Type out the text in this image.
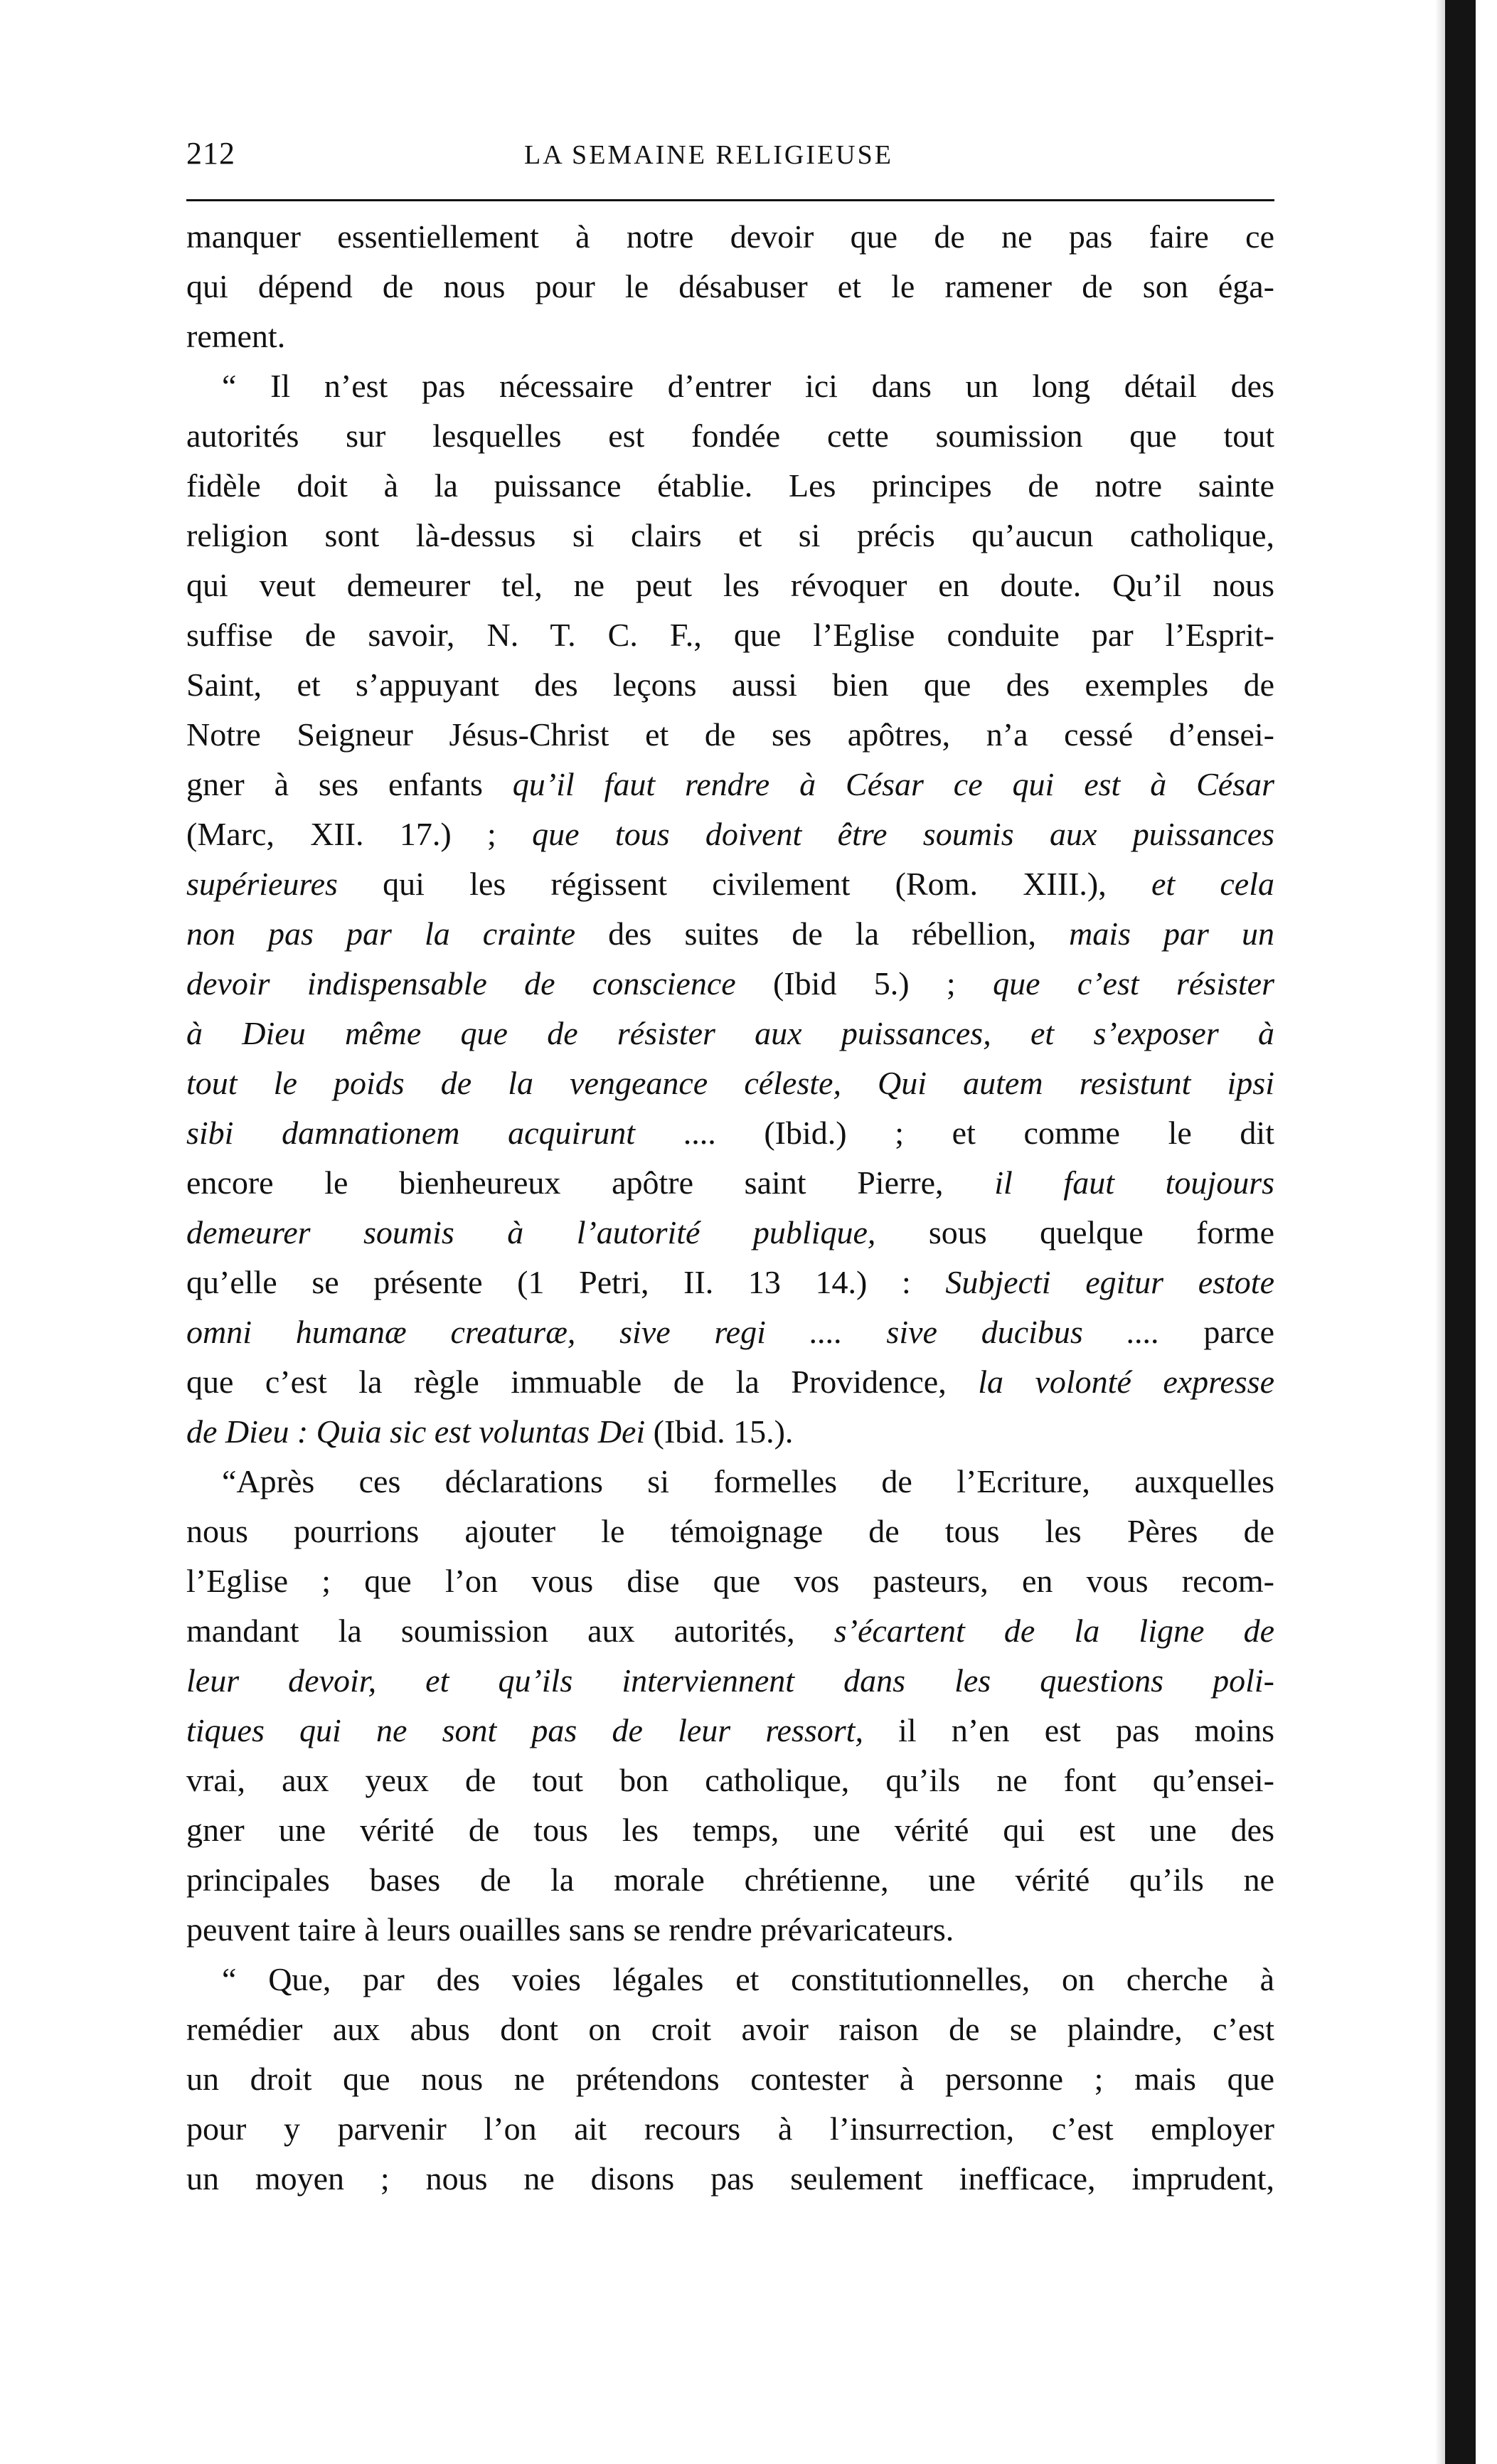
212	LA SEMAINE RELIGIEUSE
manquer essentiellement à notre devoir que de ne pas faire ce
qui dépend de nous pour le désabuser et le ramener de son éga-
rement.
“ Il n’est pas nécessaire d’entrer ici dans un long détail des
autorités sur lesquelles est fondée cette soumission que tout
fidèle doit à la puissance établie. Les principes de notre sainte
religion sont là-dessus si clairs et si précis qu’aucun catholique,
qui veut demeurer tel, ne peut les révoquer en doute. Qu’il nous
suffise de savoir, N. T. C. F., que l’Eglise conduite par l’Esprit-
Saint, et s’appuyant des leçons aussi bien que des exemples de
Notre Seigneur Jésus-Christ et de ses apôtres, n’a cessé d’ensei-
gner à ses enfants qu’il faut rendre à César ce qui est à César
(Marc, XII. 17.) ; que tous doivent être soumis aux puissances
supérieures qui les régissent civilement (Rom. XIII.), et cela
non pas par la crainte des suites de la rébellion, mais par un
devoir indispensable de conscience (Ibid 5.) ; que c’est résister
à Dieu même que de résister aux puissances, et s’exposer à
tout le poids de la vengeance céleste, Qui autem resistunt ipsi
sibi damnationem acquirunt .... (Ibid.) ; et comme le dit
encore le bienheureux apôtre saint Pierre, il faut toujours
demeurer soumis à l’autorité publique, sous quelque forme
qu’elle se présente (1 Petri, II. 13 14.) : Subjecti egitur estote
omni humanæ creaturæ, sive regi .... sive ducibus .... parce
que c’est la règle immuable de la Providence, la volonté expresse
de Dieu : Quia sic est voluntas Dei (Ibid. 15.).
“Après ces déclarations si formelles de l’Ecriture, auxquelles
nous pourrions ajouter le témoignage de tous les Pères de
l’Eglise ; que l’on vous dise que vos pasteurs, en vous recom-
mandant la soumission aux autorités, s’écartent de la ligne de
leur devoir, et qu’ils interviennent dans les questions poli-
tiques qui ne sont pas de leur ressort, il n’en est pas moins
vrai, aux yeux de tout bon catholique, qu’ils ne font qu’ensei-
gner une vérité de tous les temps, une vérité qui est une des
principales bases de la morale chrétienne, une vérité qu’ils ne
peuvent taire à leurs ouailles sans se rendre prévaricateurs.
“ Que, par des voies légales et constitutionnelles, on cherche à
remédier aux abus dont on croit avoir raison de se plaindre, c’est
un droit que nous ne prétendons contester à personne ; mais que
pour y parvenir l’on ait recours à l’insurrection, c’est employer
un moyen ; nous ne disons pas seulement inefficace, imprudent,
